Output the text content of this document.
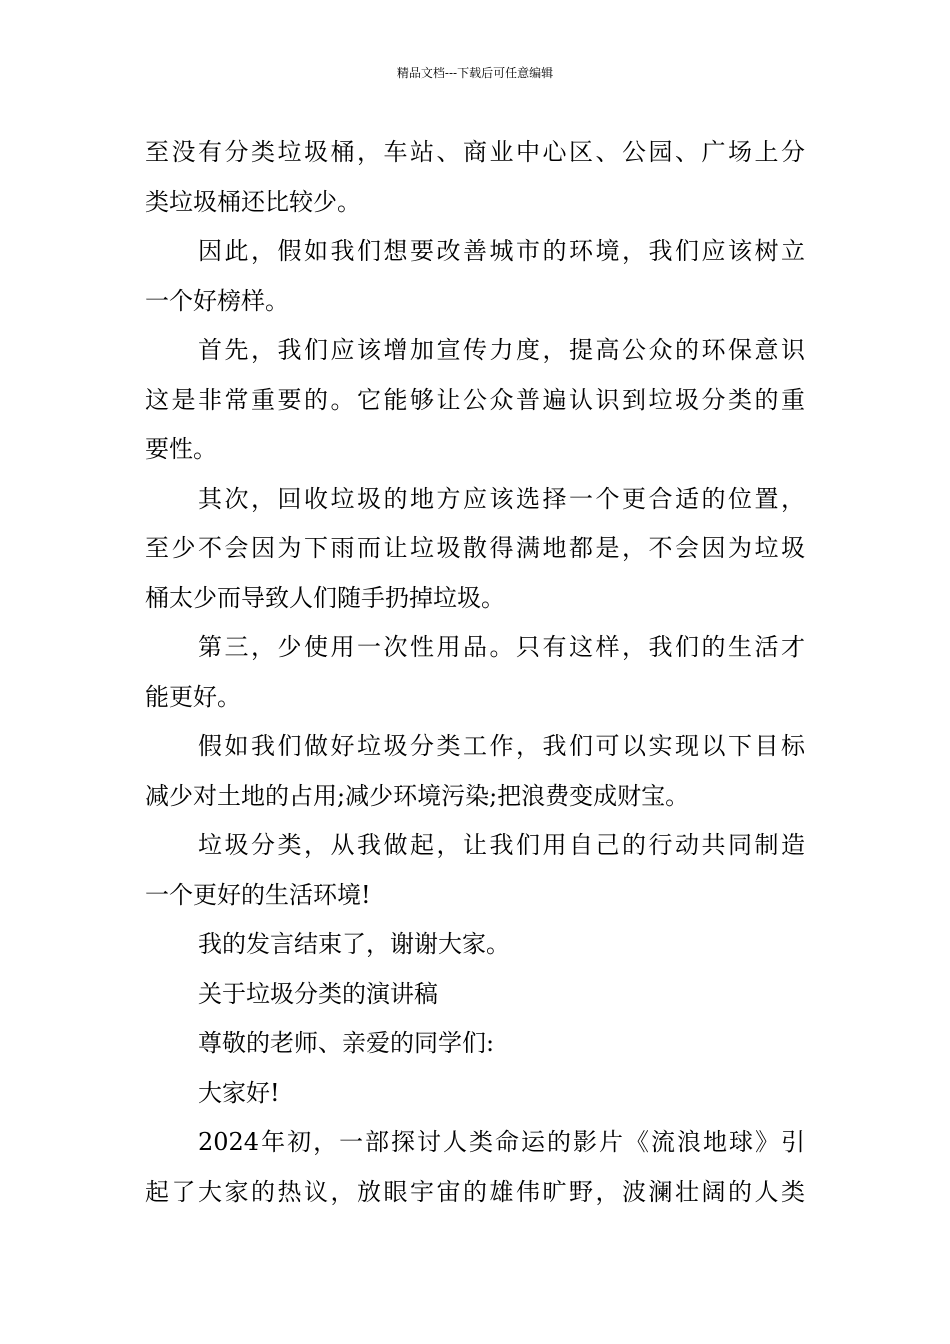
精品文档---下载后可任意编辑
至没有分类垃圾桶，车站、商业中心区、公园、广场上分
类垃圾桶还比较少。
因此，假如我们想要改善城市的环境，我们应该树立
一个好榜样。
首先，我们应该增加宣传力度，提高公众的环保意识
这是非常重要的。它能够让公众普遍认识到垃圾分类的重
要性。
其次，回收垃圾的地方应该选择一个更合适的位置，
至少不会因为下雨而让垃圾散得满地都是，不会因为垃圾
桶太少而导致人们随手扔掉垃圾。
第三，少使用一次性用品。只有这样，我们的生活才
能更好。
假如我们做好垃圾分类工作，我们可以实现以下目标
减少对土地的占用;减少环境污染;把浪费变成财宝。
垃圾分类，从我做起，让我们用自己的行动共同制造
一个更好的生活环境!
我的发言结束了，谢谢大家。
关于垃圾分类的演讲稿
尊敬的老师、亲爱的同学们:
大家好!
2024年初，一部探讨人类命运的影片《流浪地球》引
起了大家的热议，放眼宇宙的雄伟旷野，波澜壮阔的人类
